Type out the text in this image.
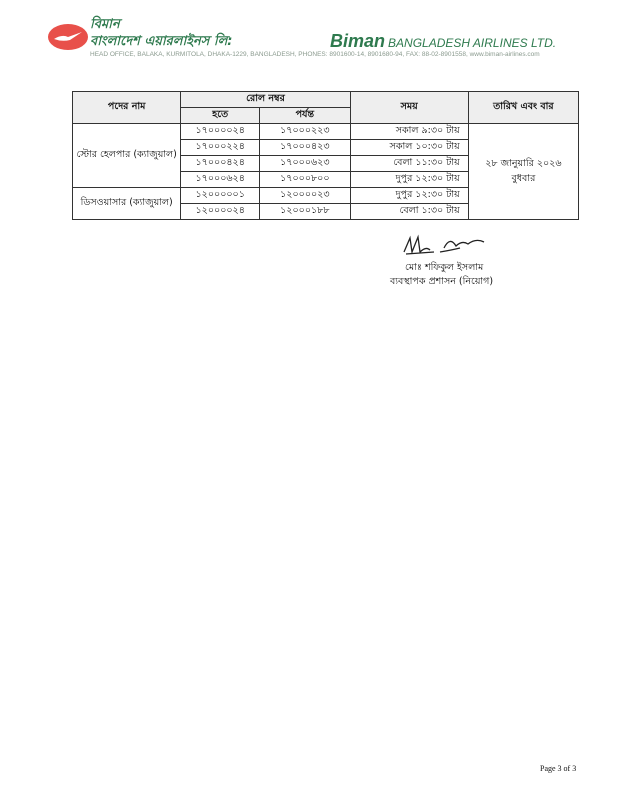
বিমান
বাংলাদেশ এয়ারলাইনস লি:	Biman BANGLADESH AIRLINES LTD.
HEAD OFFICE, BALAKA, KURMITOLA, DHAKA-1229, BANGLADESH, PHONES: 8901600-14, 8901680-94, FAX: 88-02-8901558, www.biman-airlines.com
পদের নাম	রোল নম্বর		সময়	তারিখ এবং বার
	হতে	পর্যন্ত		
স্টোর হেলপার (ক্যাজুয়াল)	১৭০০০০২৪	১৭০০০২২৩	সকাল ৯:৩০ টায়	২৮ জানুয়ারি ২০২৬
বুধবার

	১৭০০০২২৪	১৭০০০৪২৩	সকাল ১০:৩০ টায়	
	১৭০০০৪২৪	১৭০০০৬২৩	বেলা ১১:৩০ টায়	
	১৭০০০৬২৪	১৭০০০৮০০	দুপুর ১২:৩০ টায়	
ডিসওয়াসার (ক্যাজুয়াল)	১২০০০০০১	১২০০০০২৩	দুপুর ১২:৩০ টায়	
	১২০০০০২৪	১২০০০১৮৮	বেলা ১:৩০ টায়	
মোঃ শফিকুল ইসলাম
ব্যবস্থাপক প্রশাসন (নিয়োগ)
Page 3 of 3
